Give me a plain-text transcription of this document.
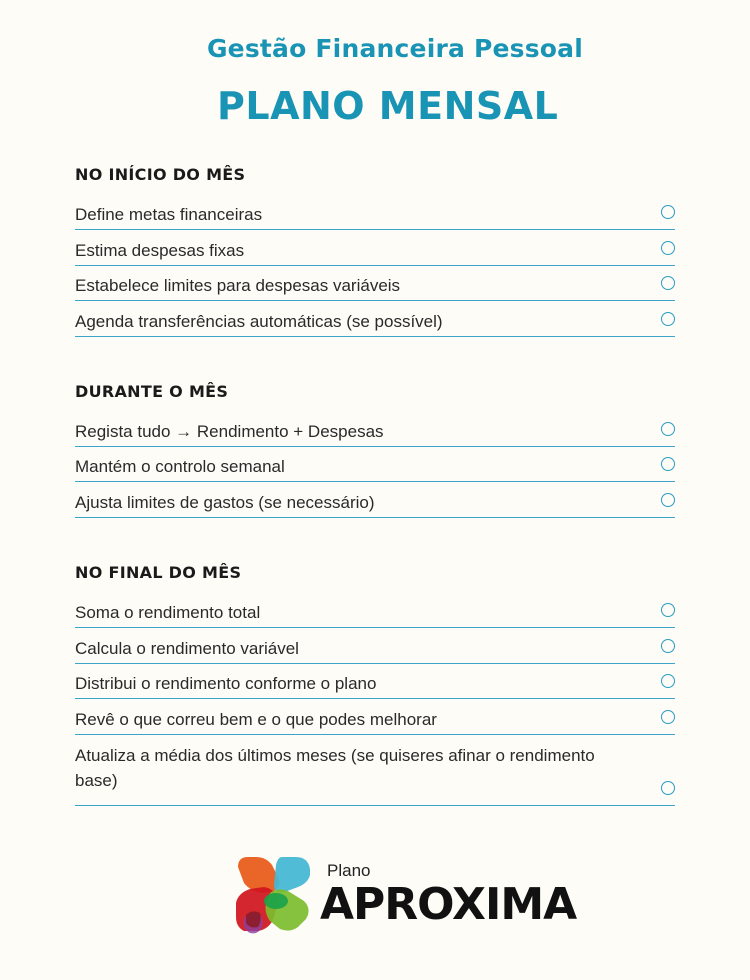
Gestão Financeira Pessoal
PLANO MENSAL
NO INÍCIO DO MÊS
Define metas financeiras
Estima despesas fixas
Estabelece limites para despesas variáveis
Agenda transferências automáticas (se possível)
DURANTE O MÊS
Regista tudo → Rendimento + Despesas
Mantém o controlo semanal
Ajusta limites de gastos (se necessário)
NO FINAL DO MÊS
Soma o rendimento total
Calcula o rendimento variável
Distribui o rendimento conforme o plano
Revê o que correu bem e o que podes melhorar
Atualiza a média dos últimos meses (se quiseres afinar o rendimento base)
Plano
APROXIMA
